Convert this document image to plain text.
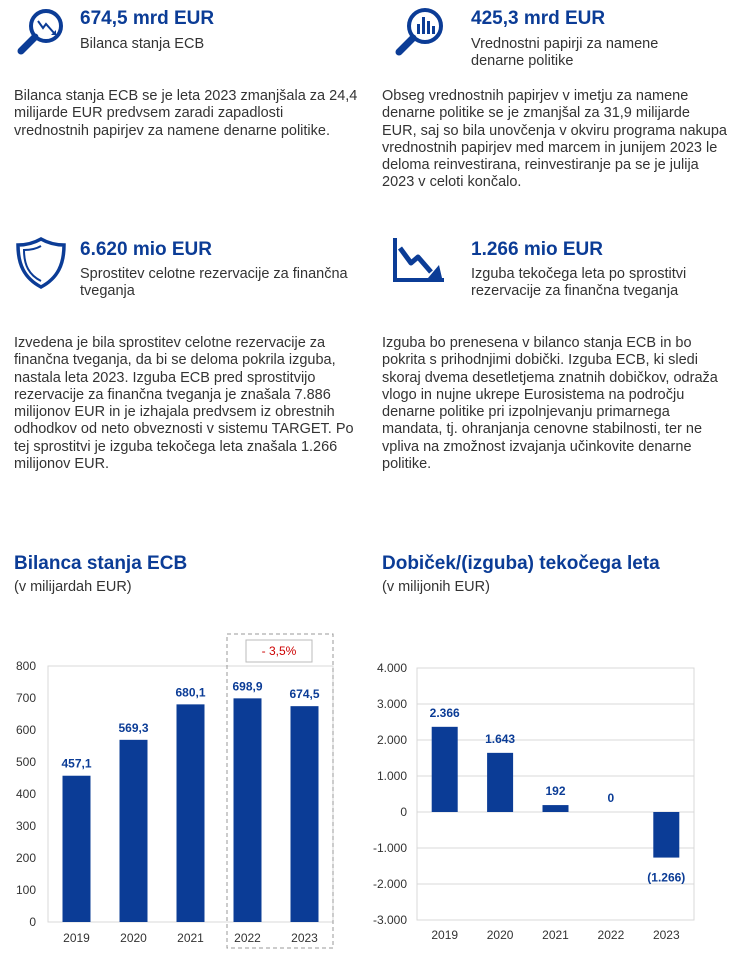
674,5 mrd EUR
Bilanca stanja ECB
Bilanca stanja ECB se je leta 2023 zmanjšala za 24,4 milijarde EUR predvsem zaradi zapadlosti vrednostnih papirjev za namene denarne politike.
425,3 mrd EUR
Vrednostni papirji za namene denarne politike
Obseg vrednostnih papirjev v imetju za namene denarne politike se je zmanjšal za 31,9 milijarde EUR, saj so bila unovčenja v okviru programa nakupa vrednostnih papirjev med marcem in junijem 2023 le deloma reinvestirana, reinvestiranje pa se je julija 2023 v celoti končalo.
6.620 mio EUR
Sprostitev celotne rezervacije za finančna tveganja
Izvedena je bila sprostitev celotne rezervacije za finančna tveganja, da bi se deloma pokrila izguba, nastala leta 2023. Izguba ECB pred sprostitvijo rezervacije za finančna tveganja je znašala 7.886 milijonov EUR in je izhajala predvsem iz obrestnih odhodkov od neto obveznosti v sistemu TARGET. Po tej sprostitvi je izguba tekočega leta znašala 1.266 milijonov EUR.
1.266 mio EUR
Izguba tekočega leta po sprostitvi rezervacije za finančna tveganja
Izguba bo prenesena v bilanco stanja ECB in bo pokrita s prihodnjimi dobički. Izguba ECB, ki sledi skoraj dvema desetletjema znatnih dobičkov, odraža vlogo in nujne ukrepe Eurosistema na področju denarne politike pri izpolnjevanju primarnega mandata, tj. ohranjanja cenovne stabilnosti, ter ne vpliva na zmožnost izvajanja učinkovite denarne politike.
Bilanca stanja ECB
(v milijardah EUR)
Dobiček/(izguba) tekočega leta
(v milijonih EUR)
- 3,5%
0
100
200
300
400
500
600
700
800
457,1
569,3
680,1 698,9
674,5
2019	2020	2021	2022	2023
4.000
3.000
2.000
1.000
0
-1.000
-2.000
-3.000
2.366
1.643
192	0
(1.266)
2019 2020 2021 2022 2023
